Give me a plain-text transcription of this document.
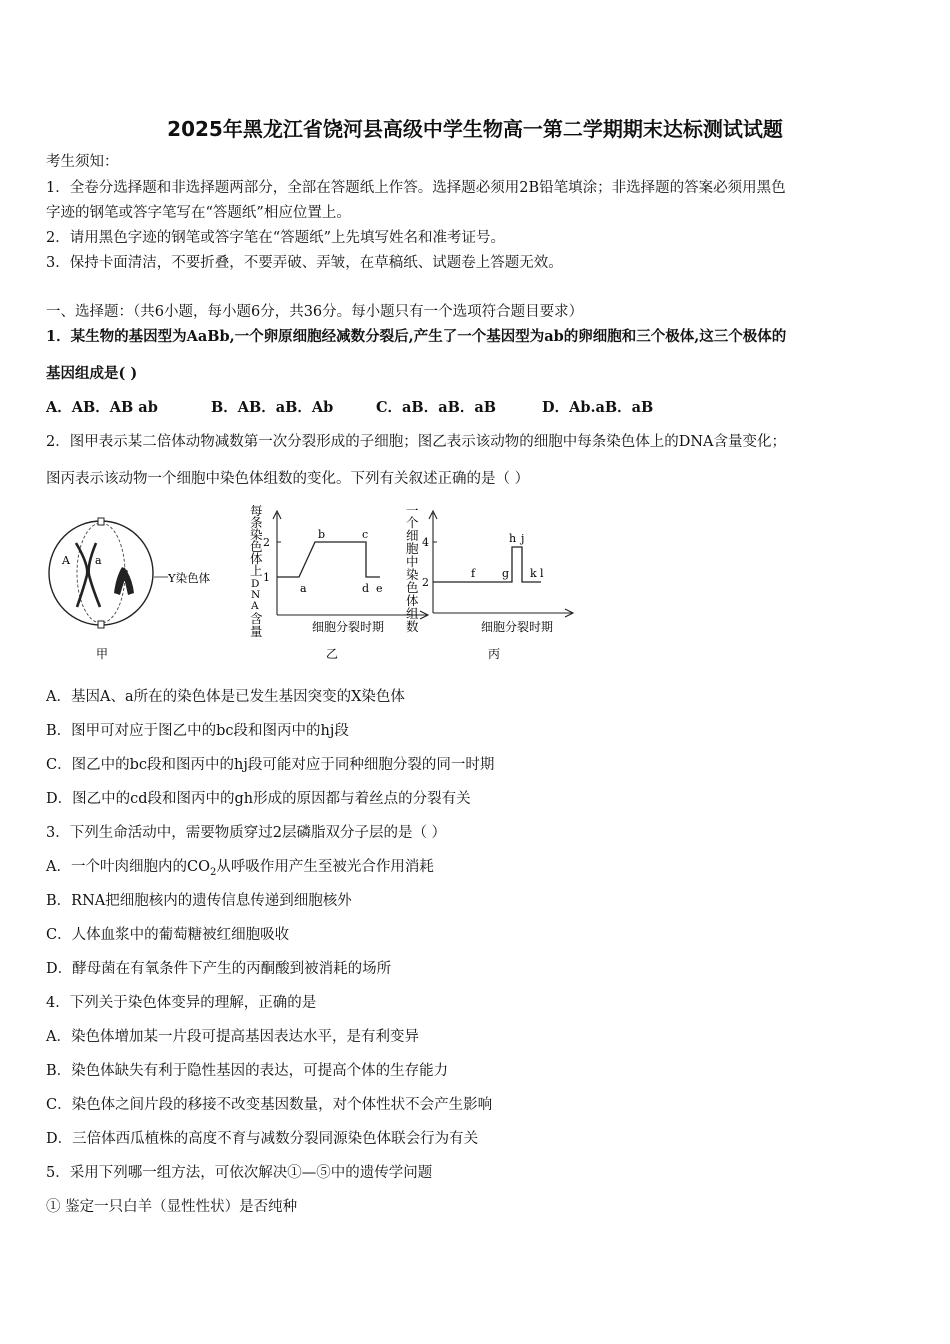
2025年黑龙江省饶河县高级中学生物高一第二学期期末达标测试试题
考生须知：
1．全卷分选择题和非选择题两部分，全部在答题纸上作答。选择题必须用2B铅笔填涂；非选择题的答案必须用黑色
字迹的钢笔或答字笔写在“答题纸”相应位置上。
2．请用黑色字迹的钢笔或答字笔在“答题纸”上先填写姓名和准考证号。
3．保持卡面清洁，不要折叠，不要弄破、弄皱，在草稿纸、试题卷上答题无效。
一、选择题：（共6小题，每小题6分，共36分。每小题只有一个选项符合题目要求）
1．某生物的基因型为AaBb,一个卵原细胞经减数分裂后,产生了一个基因型为ab的卵细胞和三个极体,这三个极体的
基因组成是( )
A．AB．AB ab	B．AB．aB．Ab	C．aB．aB．aB	D．Ab.aB．aB
2．图甲表示某二倍体动物减数第一次分裂形成的子细胞；图乙表示该动物的细胞中每条染色体上的DNA含量变化；
图丙表示该动物一个细胞中染色体组数的变化。下列有关叙述正确的是（ ）
A a
Y染色体
甲
每
条
染
色
体
上
D
N
A
含
量
2
1
a
b	c
d e
细胞分裂时期
乙
一
个
细
胞
中
染
色
体
组
数
4
2
f g
h j
k l
细胞分裂时期
丙
A．基因A、a所在的染色体是已发生基因突变的X染色体
B．图甲可对应于图乙中的bc段和图丙中的hj段
C．图乙中的bc段和图丙中的hj段可能对应于同种细胞分裂的同一时期
D．图乙中的cd段和图丙中的gh形成的原因都与着丝点的分裂有关
3．下列生命活动中，需要物质穿过2层磷脂双分子层的是（ ）
A．一个叶肉细胞内的$CO_2$从呼吸作用产生至被光合作用消耗
B．RNA把细胞核内的遗传信息传递到细胞核外
C．人体血浆中的葡萄糖被红细胞吸收
D．酵母菌在有氧条件下产生的丙酮酸到被消耗的场所
4．下列关于染色体变异的理解，正确的是
A．染色体增加某一片段可提高基因表达水平，是有利变异
B．染色体缺失有利于隐性基因的表达，可提高个体的生存能力
C．染色体之间片段的移接不改变基因数量，对个体性状不会产生影响
D．三倍体西瓜植株的高度不育与减数分裂同源染色体联会行为有关
5．采用下列哪一组方法，可依次解决①—⑤中的遗传学问题
① 鉴定一只白羊（显性性状）是否纯种
